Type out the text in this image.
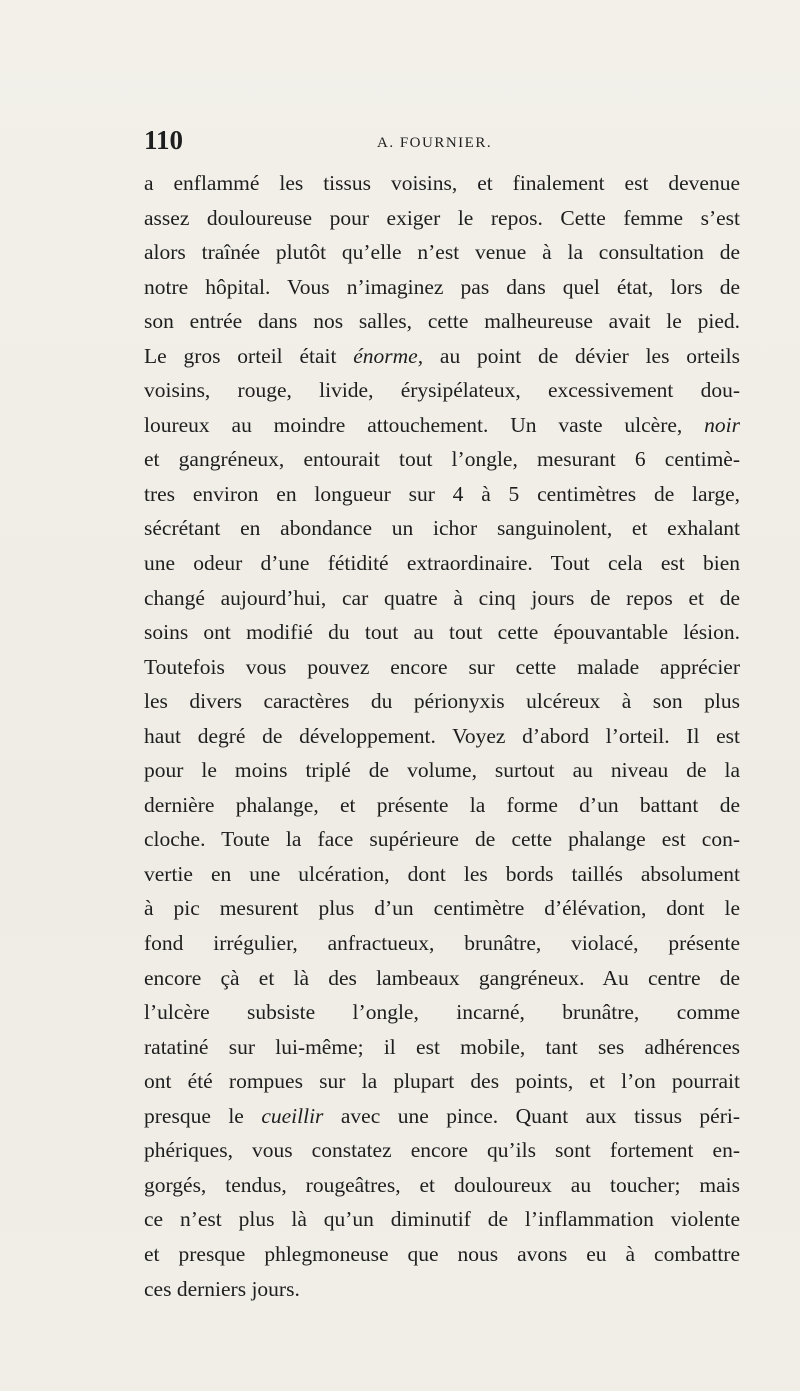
110	A. FOURNIER.
a enflammé les tissus voisins, et finalement est devenue
assez douloureuse pour exiger le repos. Cette femme s’est
alors traînée plutôt qu’elle n’est venue à la consultation de
notre hôpital. Vous n’imaginez pas dans quel état, lors de
son entrée dans nos salles, cette malheureuse avait le pied.
Le gros orteil était énorme, au point de dévier les orteils
voisins, rouge, livide, érysipélateux, excessivement dou-
loureux au moindre attouchement. Un vaste ulcère, noir
et gangréneux, entourait tout l’ongle, mesurant 6 centimè-
tres environ en longueur sur 4 à 5 centimètres de large,
sécrétant en abondance un ichor sanguinolent, et exhalant
une odeur d’une fétidité extraordinaire. Tout cela est bien
changé aujourd’hui, car quatre à cinq jours de repos et de
soins ont modifié du tout au tout cette épouvantable lésion.
Toutefois vous pouvez encore sur cette malade apprécier
les divers caractères du périonyxis ulcéreux à son plus
haut degré de développement. Voyez d’abord l’orteil. Il est
pour le moins triplé de volume, surtout au niveau de la
dernière phalange, et présente la forme d’un battant de
cloche. Toute la face supérieure de cette phalange est con-
vertie en une ulcération, dont les bords taillés absolument
à pic mesurent plus d’un centimètre d’élévation, dont le
fond irrégulier, anfractueux, brunâtre, violacé, présente
encore çà et là des lambeaux gangréneux. Au centre de
l’ulcère subsiste l’ongle, incarné, brunâtre, comme
ratatiné sur lui-même; il est mobile, tant ses adhérences
ont été rompues sur la plupart des points, et l’on pourrait
presque le cueillir avec une pince. Quant aux tissus péri-
phériques, vous constatez encore qu’ils sont fortement en-
gorgés, tendus, rougeâtres, et douloureux au toucher; mais
ce n’est plus là qu’un diminutif de l’inflammation violente
et presque phlegmoneuse que nous avons eu à combattre
ces derniers jours.
